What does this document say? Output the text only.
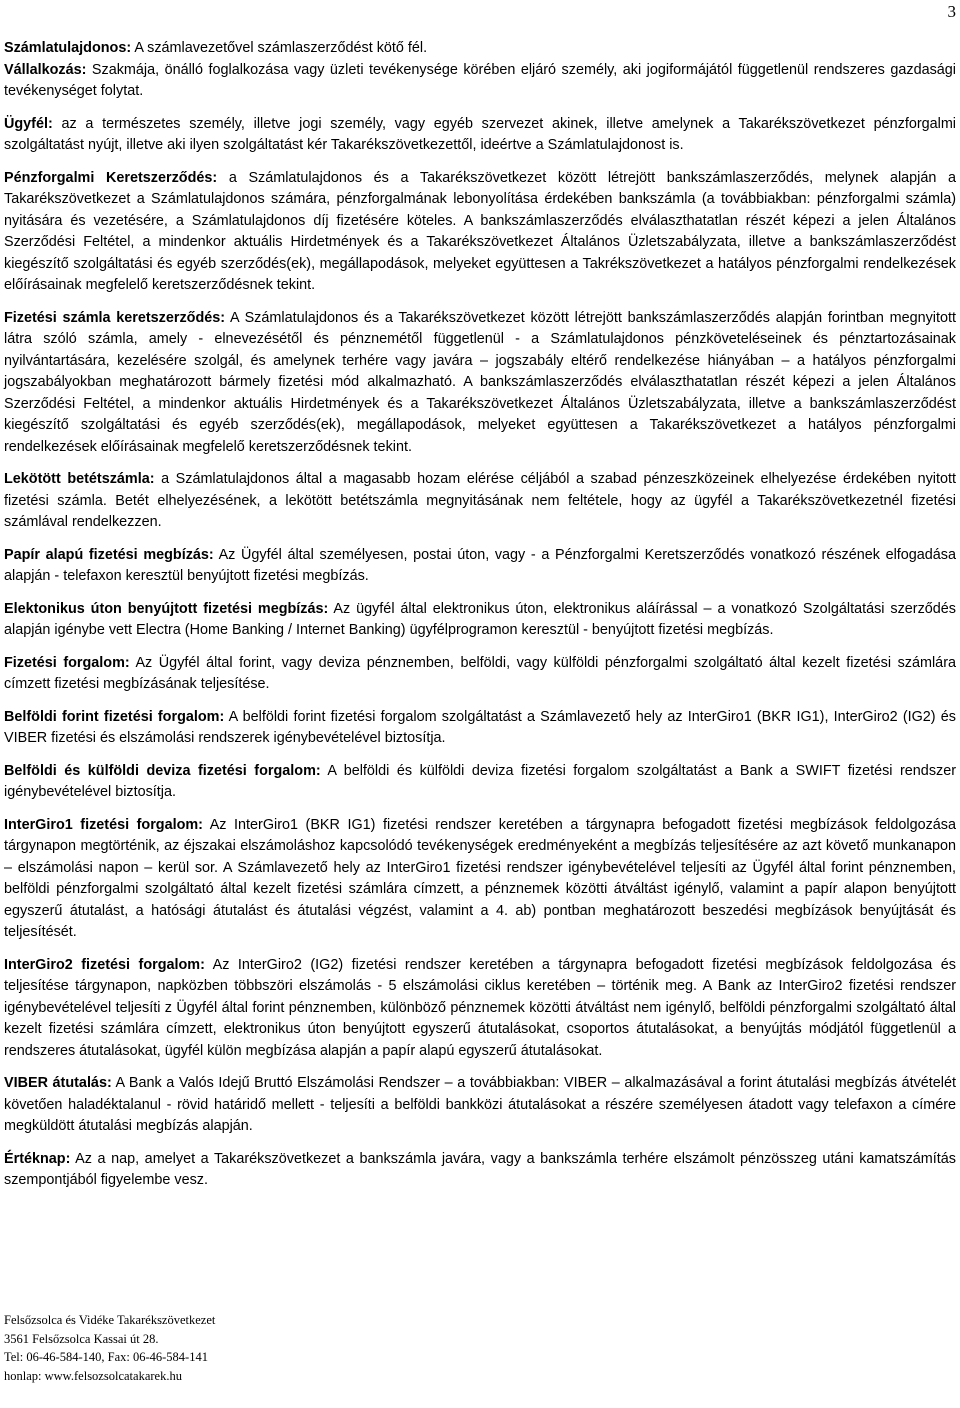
3

Számlatulajdonos: A számlavezetővel számlaszerződést kötő fél.

Vállalkozás: Szakmája, önálló foglalkozása vagy üzleti tevékenysége körében eljáró személy, aki jogiformájától függetlenül rendszeres gazdasági tevékenységet folytat.

Ügyfél: az a természetes személy, illetve jogi személy, vagy egyéb szervezet akinek, illetve amelynek a Takarékszövetkezet pénzforgalmi szolgáltatást nyújt, illetve aki ilyen szolgáltatást kér Takarékszövetkezettől, ideértve a Számlatulajdonost is.

Pénzforgalmi Keretszerződés: a Számlatulajdonos és a Takarékszövetkezet között létrejött bankszámlaszerződés, melynek alapján a Takarékszövetkezet a Számlatulajdonos számára, pénzforgalmának lebonyolítása érdekében bankszámla (a továbbiakban: pénzforgalmi számla) nyitására és vezetésére, a Számlatulajdonos díj fizetésére köteles. A bankszámlaszerződés elválaszthatatlan részét képezi a jelen Általános Szerződési Feltétel, a mindenkor aktuális Hirdetmények és a Takarékszövetkezet Általános Üzletszabályzata, illetve a bankszámlaszerződést kiegészítő szolgáltatási és egyéb szerződés(ek), megállapodások, melyeket együttesen a Takrékszövetkezet a hatályos pénzforgalmi rendelkezések előírásainak megfelelő keretszerződésnek tekint.

Fizetési számla keretszerződés: A Számlatulajdonos és a Takarékszövetkezet között létrejött bankszámlaszerződés alapján forintban megnyitott látra szóló számla, amely - elnevezésétől és pénznemétől függetlenül - a Számlatulajdonos pénzköveteléseinek és pénztartozásainak nyilvántartására, kezelésére szolgál, és amelynek terhére vagy javára – jogszabály eltérő rendelkezése hiányában – a hatályos pénzforgalmi jogszabályokban meghatározott bármely fizetési mód alkalmazható. A bankszámlaszerződés elválaszthatatlan részét képezi a jelen Általános Szerződési Feltétel, a mindenkor aktuális Hirdetmények és a Takarékszövetkezet Általános Üzletszabályzata, illetve a bankszámlaszerződést kiegészítő szolgáltatási és egyéb szerződés(ek), megállapodások, melyeket együttesen a Takarékszövetkezet a hatályos pénzforgalmi rendelkezések előírásainak megfelelő keretszerződésnek tekint.

Lekötött betétszámla: a Számlatulajdonos által a magasabb hozam elérése céljából a szabad pénzeszközeinek elhelyezése érdekében nyitott fizetési számla. Betét elhelyezésének, a lekötött betétszámla megnyitásának nem feltétele, hogy az ügyfél a Takarékszövetkezetnél fizetési számlával rendelkezzen.

Papír alapú fizetési megbízás: Az Ügyfél által személyesen, postai úton, vagy - a Pénzforgalmi Keretszerződés vonatkozó részének elfogadása alapján - telefaxon keresztül benyújtott fizetési megbízás.

Elektonikus úton benyújtott fizetési megbízás: Az ügyfél által elektronikus úton, elektronikus aláírással – a vonatkozó Szolgáltatási szerződés alapján igénybe vett Electra (Home Banking / Internet Banking) ügyfélprogramon keresztül - benyújtott fizetési megbízás.

Fizetési forgalom: Az Ügyfél által forint, vagy deviza pénznemben, belföldi, vagy külföldi pénzforgalmi szolgáltató által kezelt fizetési számlára címzett fizetési megbízásának teljesítése.

Belföldi forint fizetési forgalom: A belföldi forint fizetési forgalom szolgáltatást a Számlavezető hely az InterGiro1 (BKR IG1), InterGiro2 (IG2) és VIBER fizetési és elszámolási rendszerek igénybevételével biztosítja.

Belföldi és külföldi deviza fizetési forgalom: A belföldi és külföldi deviza fizetési forgalom szolgáltatást a Bank a SWIFT fizetési rendszer igénybevételével biztosítja.

InterGiro1 fizetési forgalom: Az InterGiro1 (BKR IG1) fizetési rendszer keretében a tárgynapra befogadott fizetési megbízások feldolgozása tárgynapon megtörténik, az éjszakai elszámoláshoz kapcsolódó tevékenységek eredményeként a megbízás teljesítésére az azt követő munkanapon – elszámolási napon – kerül sor. A Számlavezető hely az InterGiro1 fizetési rendszer igénybevételével teljesíti az Ügyfél által forint pénznemben, belföldi pénzforgalmi szolgáltató által kezelt fizetési számlára címzett, a pénznemek közötti átváltást igénylő, valamint a papír alapon benyújtott egyszerű átutalást, a hatósági átutalást és átutalási végzést, valamint a 4. ab) pontban meghatározott beszedési megbízások benyújtását és teljesítését.

InterGiro2 fizetési forgalom: Az InterGiro2 (IG2) fizetési rendszer keretében a tárgynapra befogadott fizetési megbízások feldolgozása és teljesítése tárgynapon, napközben többszöri elszámolás - 5 elszámolási ciklus keretében – történik meg. A Bank az InterGiro2 fizetési rendszer igénybevételével teljesíti z Ügyfél által forint pénznemben, különböző pénznemek közötti átváltást nem igénylő, belföldi pénzforgalmi szolgáltató által kezelt fizetési számlára címzett, elektronikus úton benyújtott egyszerű átutalásokat, csoportos átutalásokat, a benyújtás módjától függetlenül a rendszeres átutalásokat, ügyfél külön megbízása alapján a papír alapú egyszerű átutalásokat.

VIBER átutalás: A Bank a Valós Idejű Bruttó Elszámolási Rendszer – a továbbiakban: VIBER – alkalmazásával a forint átutalási megbízás átvételét követően haladéktalanul - rövid határidő mellett - teljesíti a belföldi bankközi átutalásokat a részére személyesen átadott vagy telefaxon a címére megküldött átutalási megbízás alapján.

Értéknap: Az a nap, amelyet a Takarékszövetkezet a bankszámla javára, vagy a bankszámla terhére elszámolt pénzösszeg utáni kamatszámítás szempontjából figyelembe vesz.

Felsőzsolca és Vidéke Takarékszövetkezet
3561 Felsőzsolca Kassai út 28.
Tel: 06-46-584-140, Fax: 06-46-584-141
honlap: www.felsozsolcatakarek.hu
